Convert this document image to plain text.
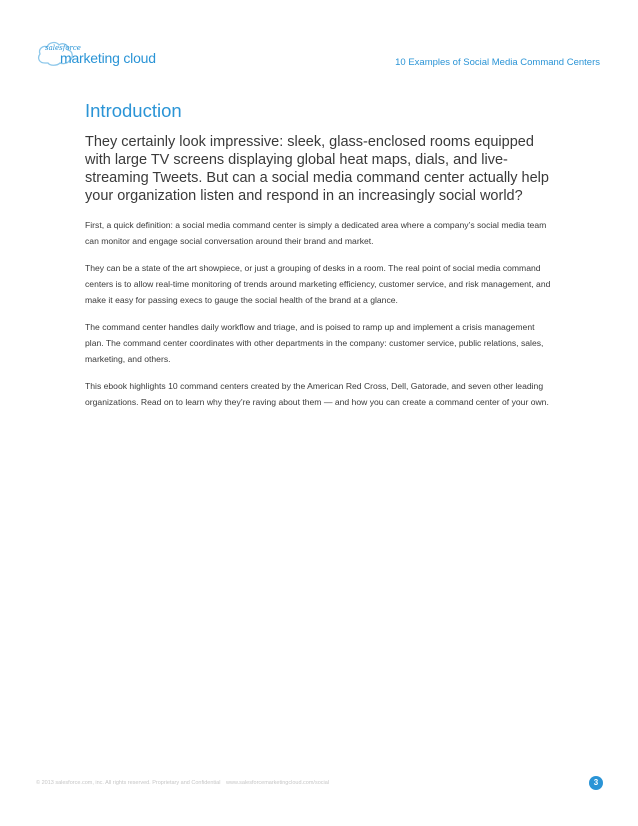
salesforce
marketing cloud	10 Examples of Social Media Command Centers
Introduction

They certainly look impressive: sleek, glass-enclosed rooms equipped with large TV screens displaying global heat maps, dials, and live-streaming Tweets. But can a social media command center actually help your organization listen and respond in an increasingly social world?

First, a quick definition: a social media command center is simply a dedicated area where a company’s social media team can monitor and engage social conversation around their brand and market.

They can be a state of the art showpiece, or just a grouping of desks in a room. The real point of social media command centers is to allow real-time monitoring of trends around marketing efficiency, customer service, and risk management, and make it easy for passing execs to gauge the social health of the brand at a glance.

The command center handles daily workflow and triage, and is poised to ramp up and implement a crisis management plan. The command center coordinates with other departments in the company: customer service, public relations, sales, marketing, and others.

This ebook highlights 10 command centers created by the American Red Cross, Dell, Gatorade, and seven other leading organizations. Read on to learn why they’re raving about them — and how you can create a command center of your own.

© 2013 salesforce.com, inc. All rights reserved. Proprietary and Confidential www.salesforcemarketingcloud.com/social	3
